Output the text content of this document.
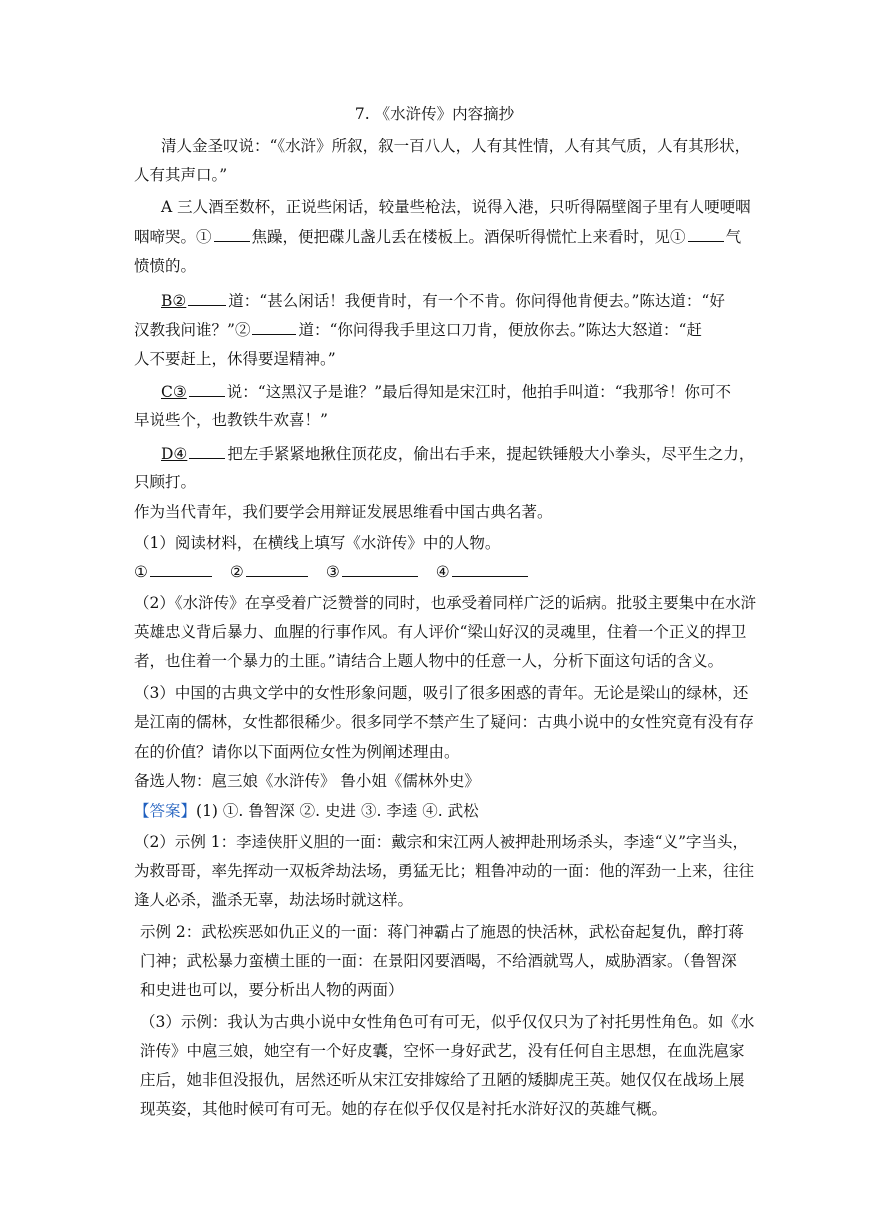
7. 《水浒传》内容摘抄
清人金圣叹说：“《水浒》所叙，叙一百八人，人有其性情，人有其气质，人有其形状，
人有其声口。”
A 三人酒至数杯，正说些闲话，较量些枪法，说得入港，只听得隔壁阁子里有人哽哽咽
咽啼哭。①	焦躁，便把碟儿盏儿丢在楼板上。酒保听得慌忙上来看时，见①	气
愤愤的。
B②	道：“甚么闲话！我便肯时，有一个不肯。你问得他肯便去。”陈达道：“好
汉教我问谁？”②	道：“你问得我手里这口刀肯，便放你去。”陈达大怒道：“赶
人不要赶上，休得要逞精神。”
C③	说：“这黑汉子是谁？”最后得知是宋江时，他拍手叫道：“我那爷！你可不
早说些个，也教铁牛欢喜！”
D④	把左手紧紧地揪住顶花皮，偷出右手来，提起铁锤般大小拳头，尽平生之力，
只顾打。
作为当代青年，我们要学会用辩证发展思维看中国古典名著。
（1）阅读材料，在横线上填写《水浒传》中的人物。
①	②	③	④
（2）《水浒传》在享受着广泛赞誉的同时，也承受着同样广泛的诟病。批驳主要集中在水浒
英雄忠义背后暴力、血腥的行事作风。有人评价“梁山好汉的灵魂里，住着一个正义的捍卫
者，也住着一个暴力的土匪。”请结合上题人物中的任意一人，分析下面这句话的含义。
（3）中国的古典文学中的女性形象问题，吸引了很多困惑的青年。无论是梁山的绿林，还
是江南的儒林，女性都很稀少。很多同学不禁产生了疑问：古典小说中的女性究竟有没有存
在的价值？请你以下面两位女性为例阐述理由。
备选人物：扈三娘《水浒传》 鲁小姐《儒林外史》
【答案】(1) ①. 鲁智深 ②. 史进 ③. 李逵 ④. 武松
（2）示例 1：李逵侠肝义胆的一面：戴宗和宋江两人被押赴刑场杀头，李逵“义”字当头，
为救哥哥，率先挥动一双板斧劫法场，勇猛无比；粗鲁冲动的一面：他的浑劲一上来，往往
逢人必杀，滥杀无辜，劫法场时就这样。
示例 2：武松疾恶如仇正义的一面：蒋门神霸占了施恩的快活林，武松奋起复仇，醉打蒋
门神；武松暴力蛮横土匪的一面：在景阳冈要酒喝，不给酒就骂人，威胁酒家。（鲁智深
和史进也可以，要分析出人物的两面）
（3）示例：我认为古典小说中女性角色可有可无，似乎仅仅只为了衬托男性角色。如《水
浒传》中扈三娘，她空有一个好皮囊，空怀一身好武艺，没有任何自主思想，在血洗扈家
庄后，她非但没报仇，居然还听从宋江安排嫁给了丑陋的矮脚虎王英。她仅仅在战场上展
现英姿，其他时候可有可无。她的存在似乎仅仅是衬托水浒好汉的英雄气概。
